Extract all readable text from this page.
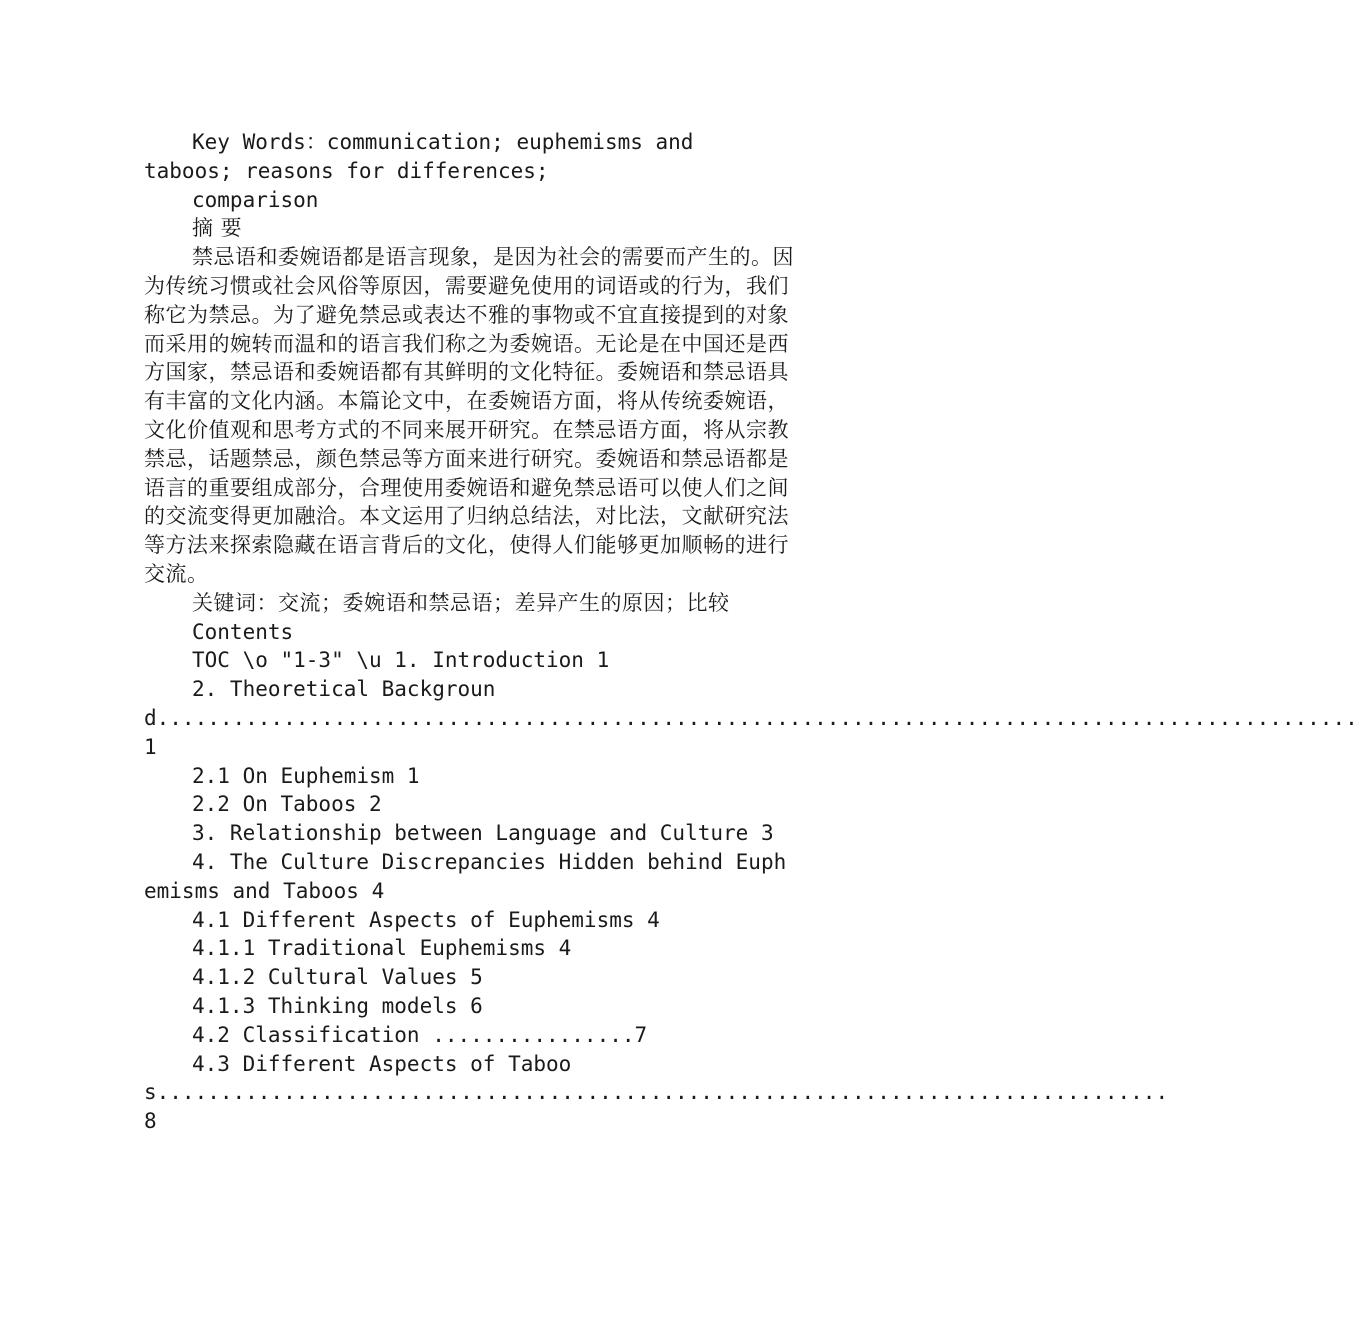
Key Words：communication; euphemisms and taboos; reasons for differences;

comparison

摘 要

禁忌语和委婉语都是语言现象，是因为社会的需要而产生的。因为传统习惯或社会风俗等原因，需要避免使用的词语或的行为，我们称它为禁忌。为了避免禁忌或表达不雅的事物或不宜直接提到的对象而采用的婉转而温和的语言我们称之为委婉语。无论是在中国还是西方国家，禁忌语和委婉语都有其鲜明的文化特征。委婉语和禁忌语具有丰富的文化内涵。本篇论文中，在委婉语方面，将从传统委婉语，文化价值观和思考方式的不同来展开研究。在禁忌语方面，将从宗教禁忌，话题禁忌，颜色禁忌等方面来进行研究。委婉语和禁忌语都是语言的重要组成部分，合理使用委婉语和避免禁忌语可以使人们之间的交流变得更加融洽。本文运用了归纳总结法，对比法，文献研究法等方法来探索隐藏在语言背后的文化，使得人们能够更加顺畅的进行交流。

关键词：交流；委婉语和禁忌语；差异产生的原因；比较

Contents

TOC \o "1-3" \u 1. Introduction 1

2. Theoretical Background...............................................................................................1

2.1 On Euphemism 1

2.2 On Taboos 2

3. Relationship between Language and Culture 3

4. The Culture Discrepancies Hidden behind Euphemisms and Taboos 4

4.1 Different Aspects of Euphemisms 4

4.1.1 Traditional Euphemisms 4

4.1.2 Cultural Values 5

4.1.3 Thinking models 6

4.2 Classification ................7

4.3 Different Aspects of Taboos................................................................................8
